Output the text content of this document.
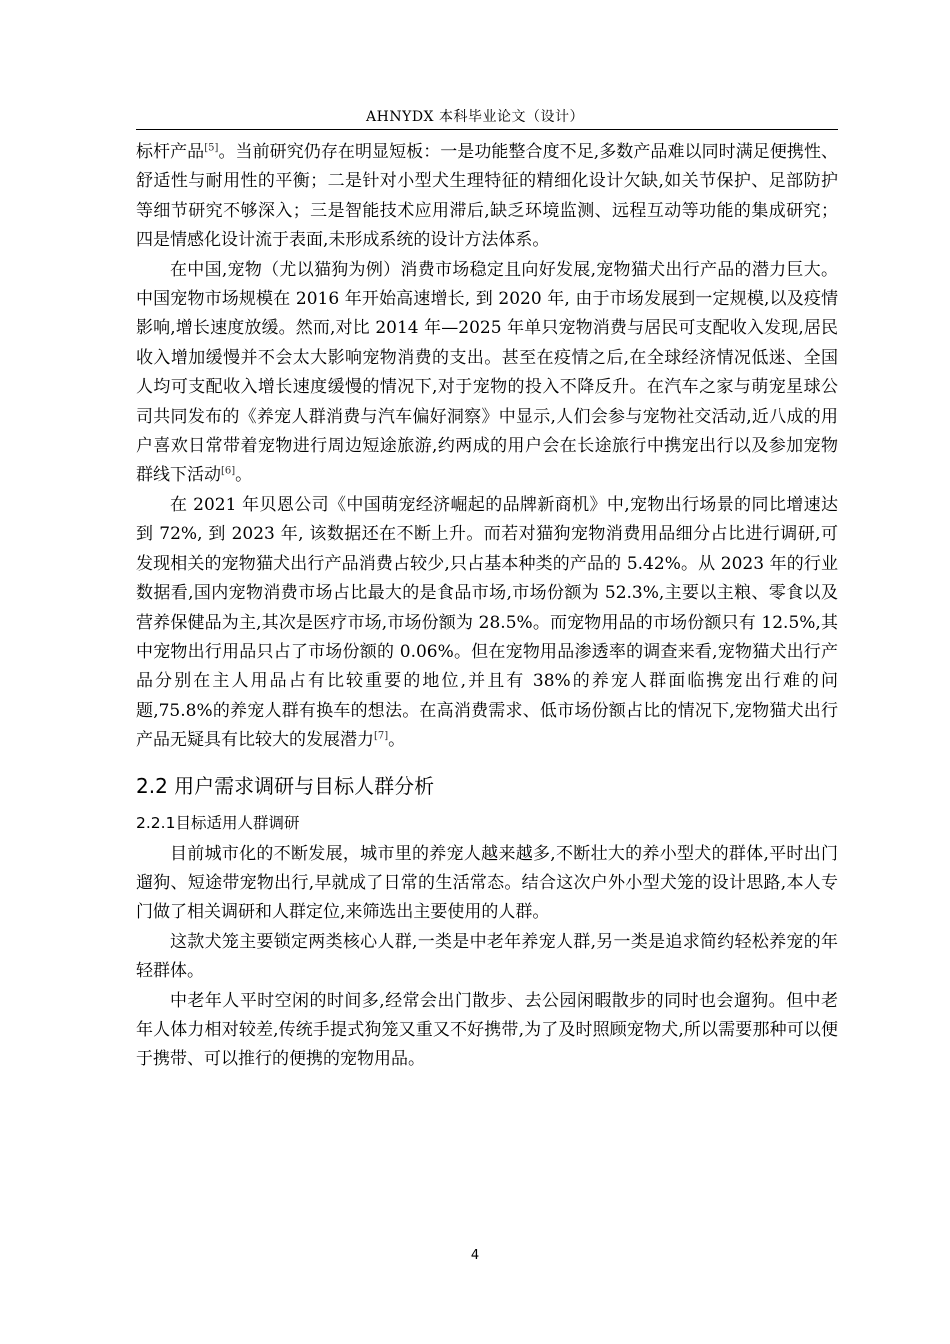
AHNYDX 本科毕业论文（设计）

标杆产品[5]。当前研究仍存在明显短板：一是功能整合度不足,多数产品难以同时满足便携性、舒适性与耐用性的平衡；二是针对小型犬生理特征的精细化设计欠缺,如关节保护、足部防护等细节研究不够深入；三是智能技术应用滞后,缺乏环境监测、远程互动等功能的集成研究；四是情感化设计流于表面,未形成系统的设计方法体系。

在中国,宠物（尤以猫狗为例）消费市场稳定且向好发展,宠物猫犬出行产品的潜力巨大。中国宠物市场规模在 2016 年开始高速增长, 到 2020 年, 由于市场发展到一定规模,以及疫情影响,增长速度放缓。然而,对比 2014 年—2025 年单只宠物消费与居民可支配收入发现,居民收入增加缓慢并不会太大影响宠物消费的支出。甚至在疫情之后,在全球经济情况低迷、全国人均可支配收入增长速度缓慢的情况下,对于宠物的投入不降反升。在汽车之家与萌宠星球公司共同发布的《养宠人群消费与汽车偏好洞察》中显示,人们会参与宠物社交活动,近八成的用户喜欢日常带着宠物进行周边短途旅游,约两成的用户会在长途旅行中携宠出行以及参加宠物群线下活动[6]。

在 2021 年贝恩公司《中国萌宠经济崛起的品牌新商机》中,宠物出行场景的同比增速达到 72%, 到 2023 年, 该数据还在不断上升。而若对猫狗宠物消费用品细分占比进行调研,可发现相关的宠物猫犬出行产品消费占较少,只占基本种类的产品的 5.42%。从 2023 年的行业数据看,国内宠物消费市场占比最大的是食品市场,市场份额为 52.3%,主要以主粮、零食以及营养保健品为主,其次是医疗市场,市场份额为 28.5%。而宠物用品的市场份额只有 12.5%,其中宠物出行用品只占了市场份额的 0.06%。但在宠物用品渗透率的调查来看,宠物猫犬出行产品分别在主人用品占有比较重要的地位,并且有 38%的养宠人群面临携宠出行难的问题,75.8%的养宠人群有换车的想法。在高消费需求、低市场份额占比的情况下,宠物猫犬出行产品无疑具有比较大的发展潜力[7]。

2.2 用户需求调研与目标人群分析
2.2.1目标适用人群调研

目前城市化的不断发展，城市里的养宠人越来越多,不断壮大的养小型犬的群体,平时出门遛狗、短途带宠物出行,早就成了日常的生活常态。结合这次户外小型犬笼的设计思路,本人专门做了相关调研和人群定位,来筛选出主要使用的人群。

这款犬笼主要锁定两类核心人群,一类是中老年养宠人群,另一类是追求简约轻松养宠的年轻群体。

中老年人平时空闲的时间多,经常会出门散步、去公园闲暇散步的同时也会遛狗。但中老年人体力相对较差,传统手提式狗笼又重又不好携带,为了及时照顾宠物犬,所以需要那种可以便于携带、可以推行的便携的宠物用品。

4
